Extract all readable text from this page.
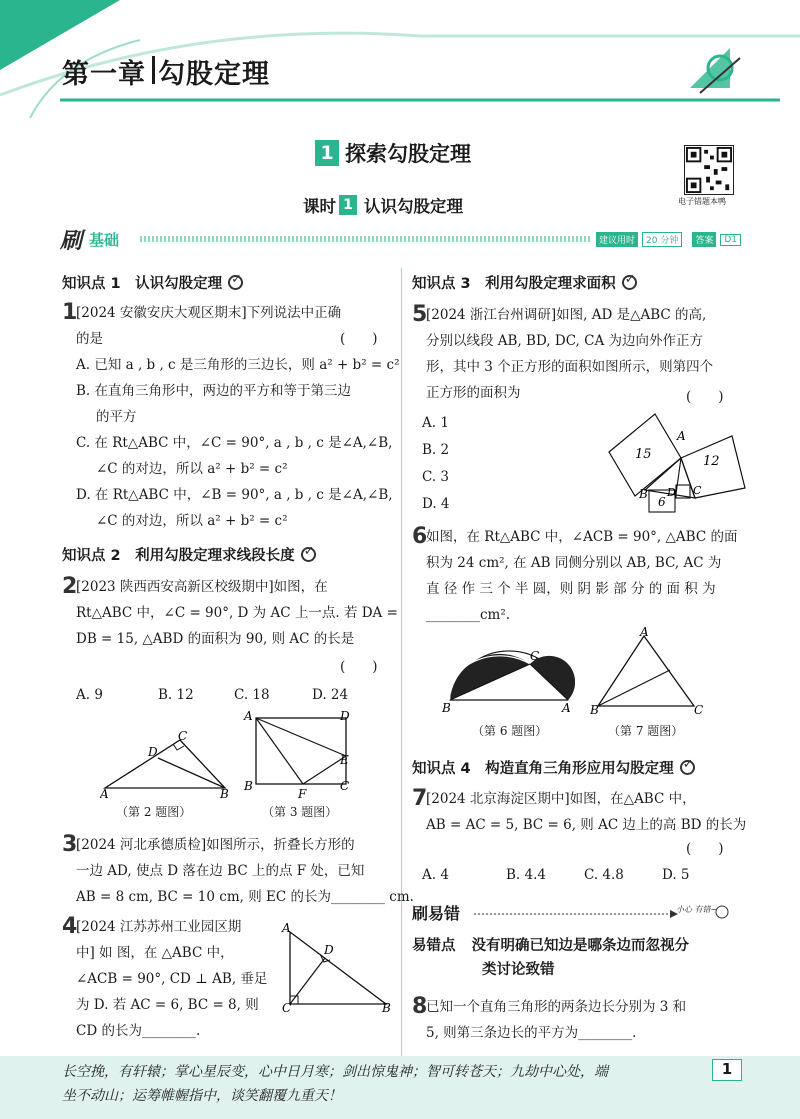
第一章 勾股定理
1 探索勾股定理
课时 1 认识勾股定理	电子错题本鸭
刷 基础	建议用时	20 分钟	答案	D1
知识点 1　认识勾股定理
✓
1
[2024 安徽安庆大观区期末]下列说法中正确
的是	(　　)
A. 已知 a , b , c 是三角形的三边长，则 a² + b² = c²
B. 在直角三角形中，两边的平方和等于第三边
的平方
C. 在 Rt△ABC 中，∠C = 90°, a , b , c 是∠A,∠B,
∠C 的对边，所以 a² + b² = c²
D. 在 Rt△ABC 中，∠B = 90°, a , b , c 是∠A,∠B,
∠C 的对边，所以 a² + b² = c²
知识点 2　利用勾股定理求线段长度
✓
2
[2023 陕西西安高新区校级期中]如图，在
Rt△ABC 中，∠C = 90°, D 为 AC 上一点. 若 DA =
DB = 15, △ABD 的面积为 90, 则 AC 的长是
(　　)
A. 9	B. 12	C. 18	D. 24
A	B
C
D
（第 2 题图）
A	D
B	C
F
E
（第 3 题图）
3
[2024 河北承德质检]如图所示，折叠长方形的
一边 AD, 使点 D 落在边 BC 上的点 F 处，已知
AB = 8 cm, BC = 10 cm, 则 EC 的长为________ cm.
4
[2024 江苏苏州工业园区期
中] 如 图，在 △ABC 中，
∠ACB = 90°, CD ⊥ AB, 垂足
为 D. 若 AC = 6, BC = 8, 则
CD 的长为________.
A
C	B
D
知识点 3　利用勾股定理求面积
✓
5
[2024 浙江台州调研]如图, AD 是△ABC 的高,
分别以线段 AB, BD, DC, CA 为边向外作正方
形，其中 3 个正方形的面积如图所示，则第四个
正方形的面积为	(　　)
A. 1
B. 2
C. 3
D. 4
15	12
6
A
B D C
6
如图，在 Rt△ABC 中，∠ACB = 90°, △ABC 的面
积为 24 cm², 在 AB 同侧分别以 AB, BC, AC 为
直 径 作 三 个 半 圆，则 阴 影 部 分 的 面 积 为
________cm².
B	A
C
（第 6 题图）
A
B	C
（第 7 题图）
知识点 4　构造直角三角形应用勾股定理
✓
7
[2024 北京海淀区期中]如图，在△ABC 中，
AB = AC = 5, BC = 6, 则 AC 边上的高 BD 的长为
(　　)
A. 4	B. 4.4	C. 4.8	D. 5
刷易错	小心 有错~
易错点 没有明确已知边是哪条边而忽视分
类讨论致错
8
已知一个直角三角形的两条边长分别为 3 和
5, 则第三条边长的平方为________.
长空挽，有轩辕；掌心星辰变，心中日月寒；剑出惊鬼神；智可转苍天；九劫中心处，端
坐不动山；运筹帷幄指中，谈笑翻覆九重天！
1
